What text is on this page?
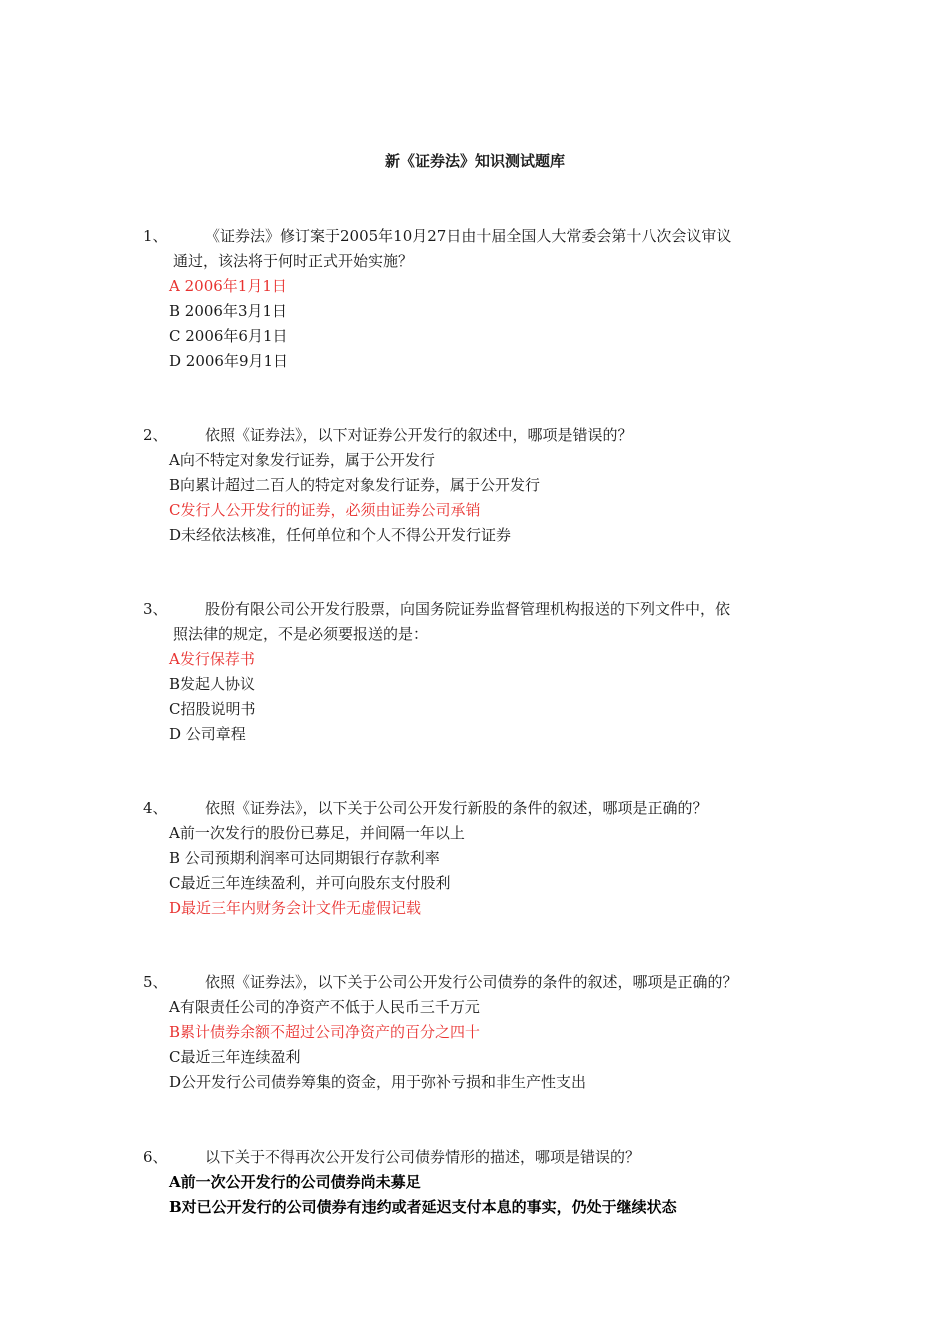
新《证券法》知识测试题库
1、 《证券法》修订案于2005年10月27日由十届全国人大常委会第十八次会议审议
通过，该法将于何时正式开始实施？
A 2006年1月1日
B 2006年3月1日
C 2006年6月1日
D 2006年9月1日
2、 依照《证券法》，以下对证券公开发行的叙述中，哪项是错误的？
A向不特定对象发行证券，属于公开发行
B向累计超过二百人的特定对象发行证券，属于公开发行
C发行人公开发行的证券，必须由证券公司承销
D未经依法核准，任何单位和个人不得公开发行证券
3、 股份有限公司公开发行股票，向国务院证券监督管理机构报送的下列文件中，依
照法律的规定，不是必须要报送的是：
A发行保荐书
B发起人协议
C招股说明书
D 公司章程
4、 依照《证券法》，以下关于公司公开发行新股的条件的叙述，哪项是正确的？
A前一次发行的股份已募足，并间隔一年以上
B 公司预期利润率可达同期银行存款利率
C最近三年连续盈利，并可向股东支付股利
D最近三年内财务会计文件无虚假记载
5、 依照《证券法》，以下关于公司公开发行公司债券的条件的叙述，哪项是正确的？
A有限责任公司的净资产不低于人民币三千万元
B累计债券余额不超过公司净资产的百分之四十
C最近三年连续盈利
D公开发行公司债券筹集的资金，用于弥补亏损和非生产性支出
6、 以下关于不得再次公开发行公司债券情形的描述，哪项是错误的？
A前一次公开发行的公司债券尚未募足
B对已公开发行的公司债券有违约或者延迟支付本息的事实，仍处于继续状态
